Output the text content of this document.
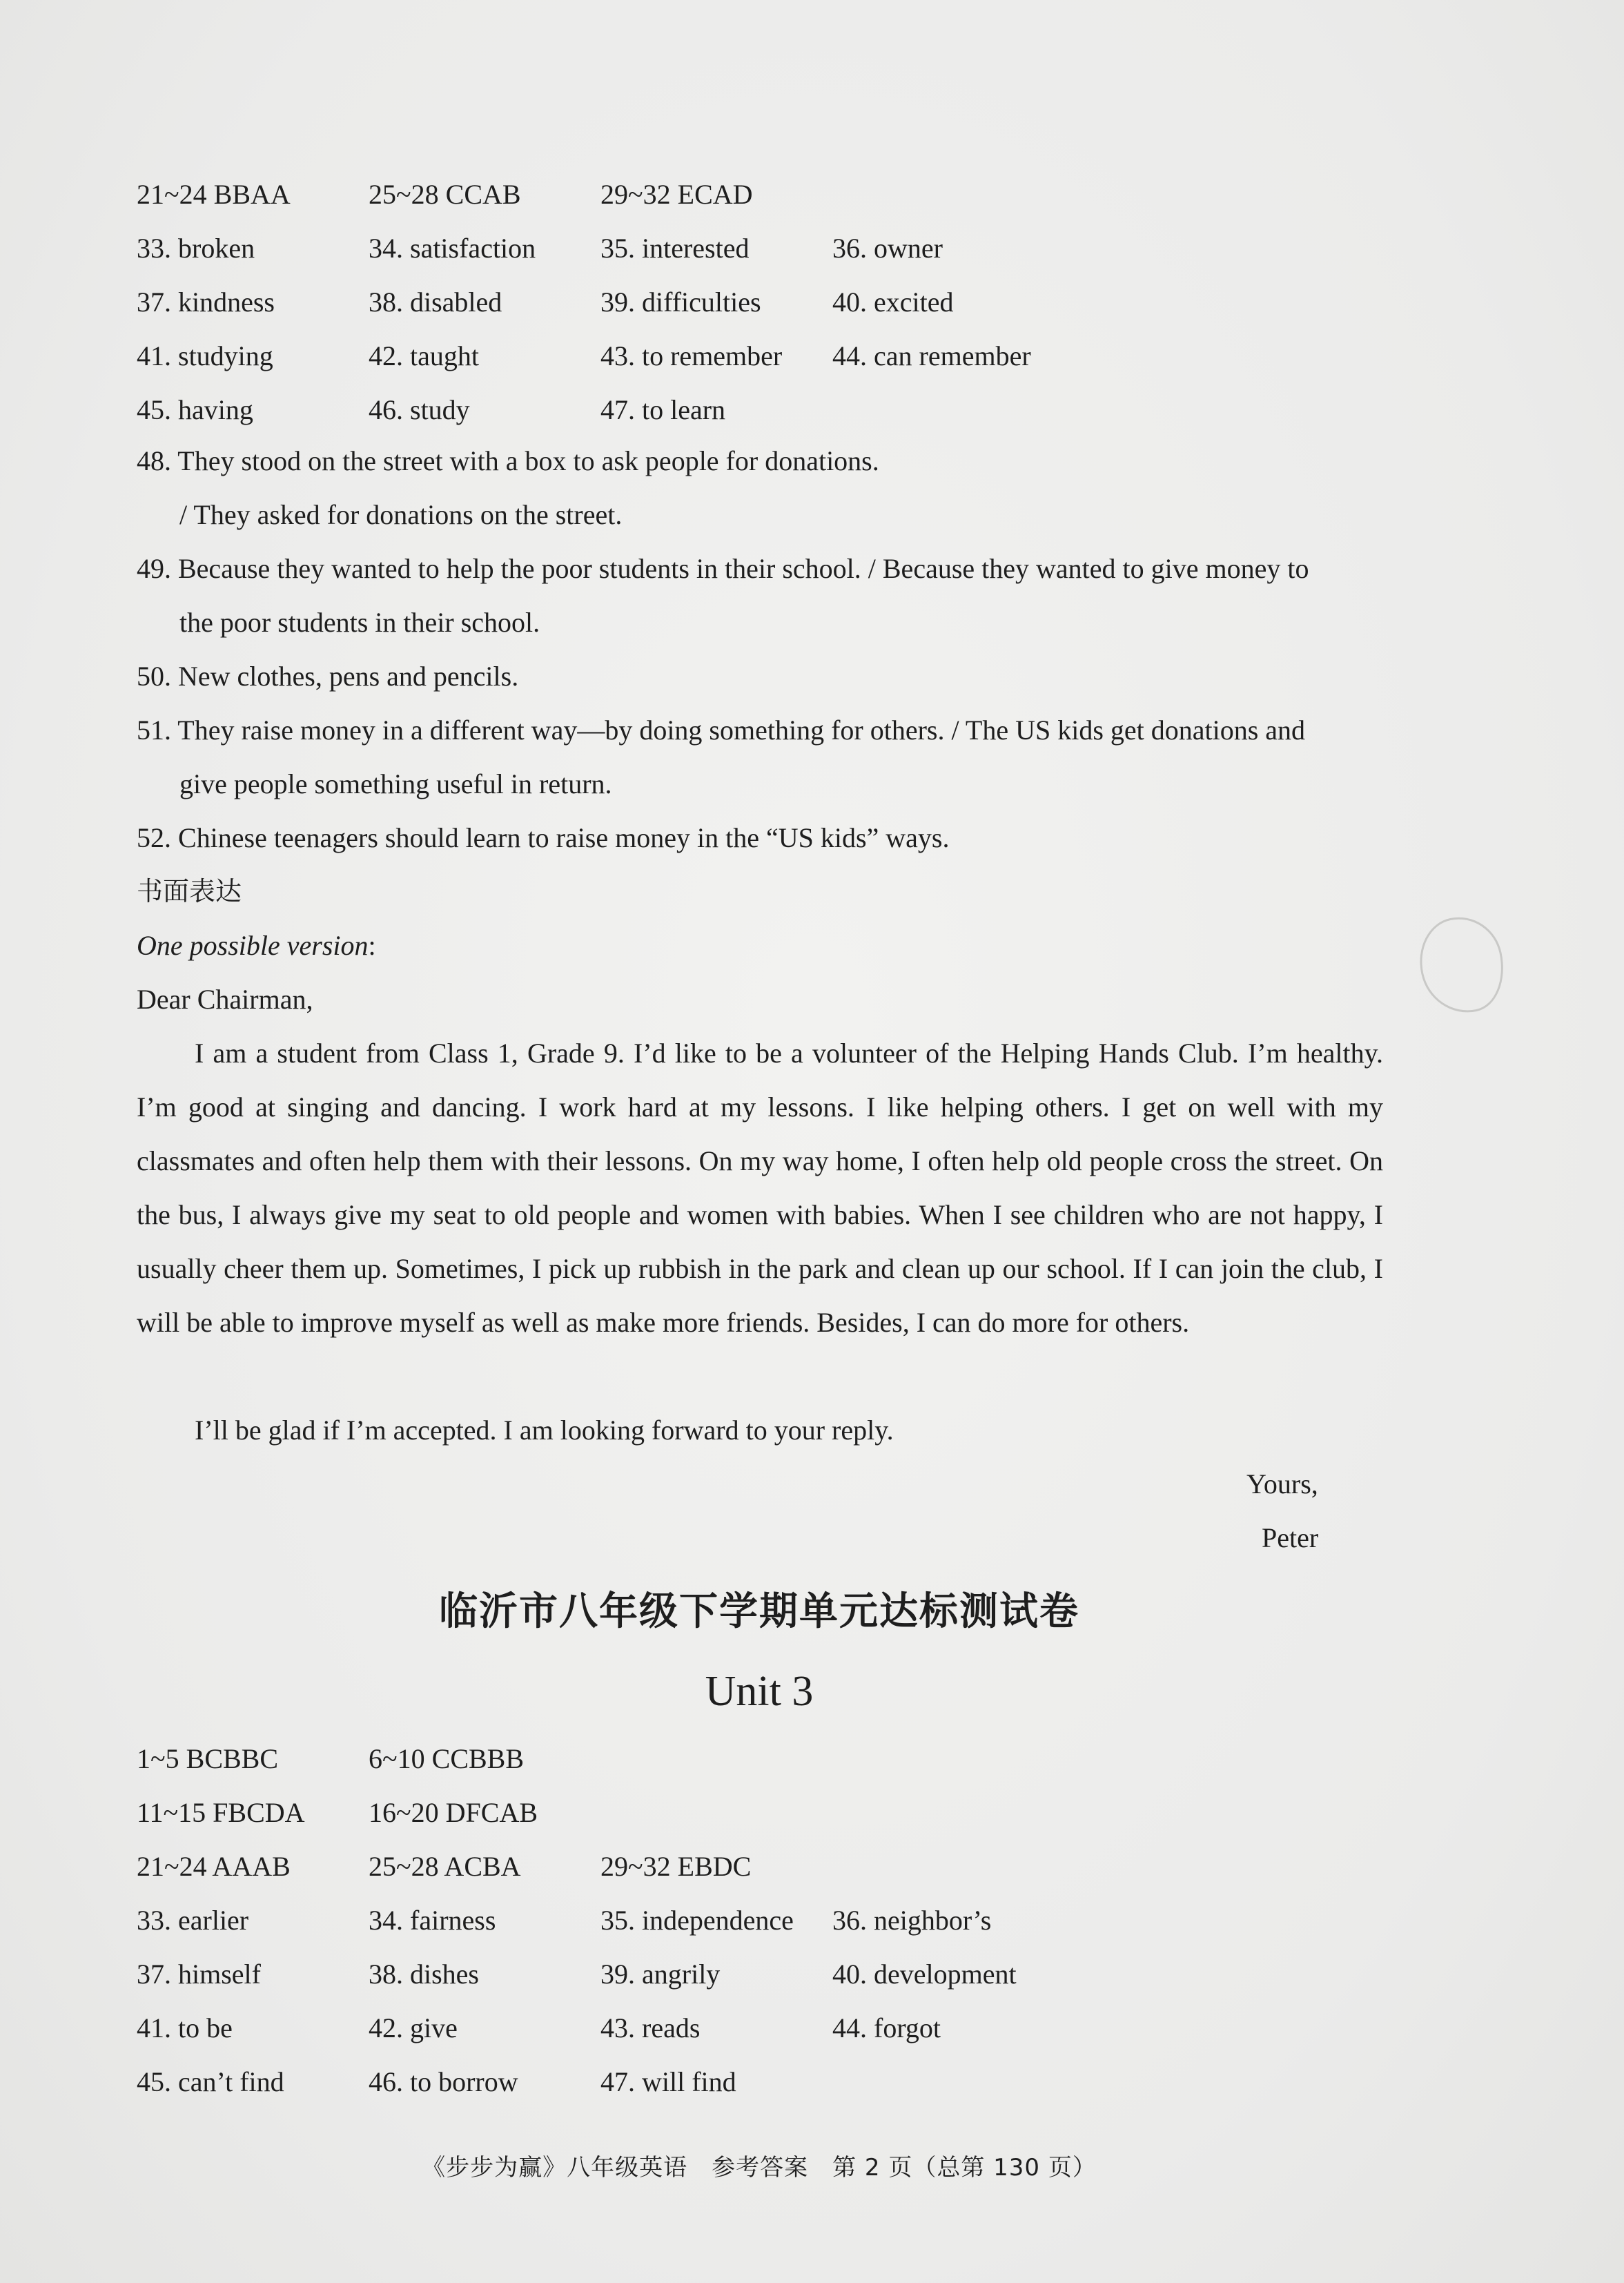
21~24 BBAA	25~28 CCAB	29~32 ECAD
33. broken	34. satisfaction 35. interested	36. owner
37. kindness	38. disabled	39. difficulties	40. excited
41. studying	42. taught	43. to remember 44. can remember
45. having	46. study	47. to learn
48. They stood on the street with a box to ask people for donations.
/ They asked for donations on the street.
49. Because they wanted to help the poor students in their school. / Because they wanted to give money to
the poor students in their school.
50. New clothes, pens and pencils.
51. They raise money in a different way—by doing something for others. / The US kids get donations and
give people something useful in return.
52. Chinese teenagers should learn to raise money in the “US kids” ways.
书面表达
One possible version:
Dear Chairman,
I am a student from Class 1, Grade 9. I’d like to be a volunteer of the Helping Hands Club. I’m healthy. I’m good at singing and dancing. I work hard at my lessons. I like helping others. I get on well with my classmates and often help them with their lessons. On my way home, I often help old people cross the street. On the bus, I always give my seat to old people and women with babies. When I see children who are not happy, I usually cheer them up. Sometimes, I pick up rubbish in the park and clean up our school. If I can join the club, I will be able to improve myself as well as make more friends. Besides, I can do more for others.
I’ll be glad if I’m accepted. I am looking forward to your reply.
Yours,
Peter
临沂市八年级下学期单元达标测试卷
Unit 3
1~5 BCBBC	6~10 CCBBB
11~15 FBCDA 16~20 DFCAB
21~24 AAAB	25~28 ACBA	29~32 EBDC
33. earlier	34. fairness	35. independence 36. neighbor’s
37. himself	38. dishes	39. angrily	40. development
41. to be	42. give	43. reads	44. forgot
45. can’t find	46. to borrow	47. will find
《步步为赢》八年级英语　参考答案　第 2 页（总第 130 页）
